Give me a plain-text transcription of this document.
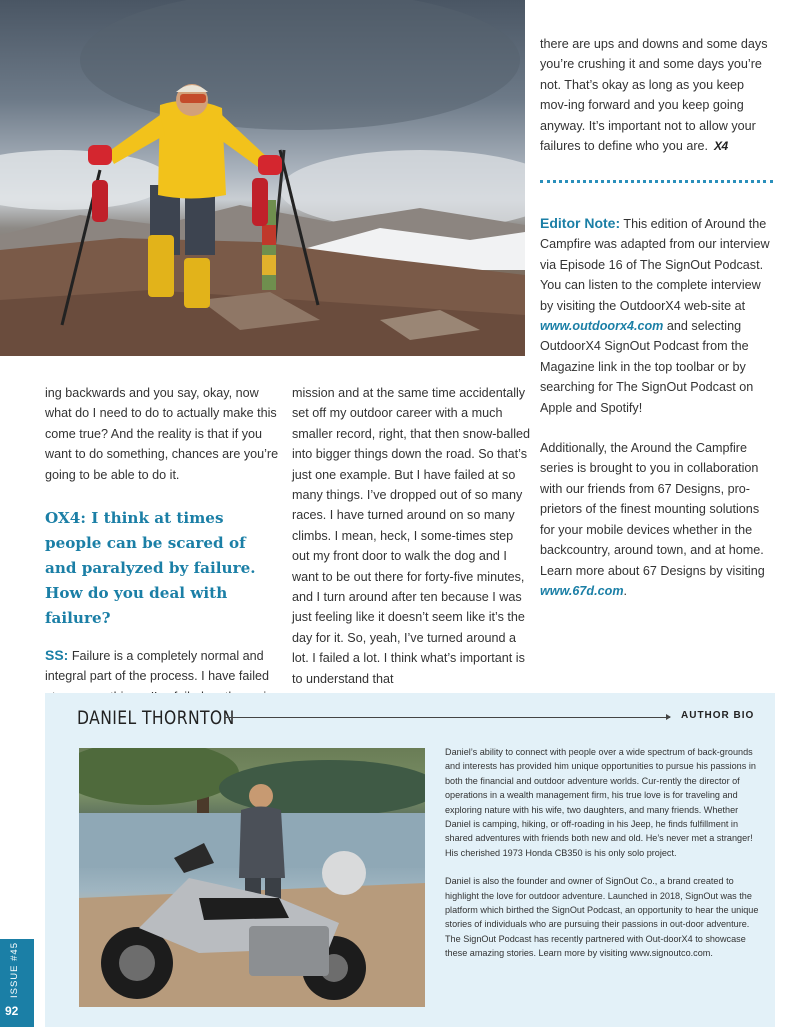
ing backwards and you say, okay, now what do I need to do to actually make this come true? And the reality is that if you want to do something, chances are you’re going to be able to do it.

OX4: I think at times people can be scared of and paralyzed by failure. How do you deal with failure?

SS: Failure is a completely normal and integral part of the process. I have failed

mission and at the same time accidentally set off my outdoor career with a much smaller record, right, that then snow-balled into bigger things down the road. So that’s just one example. But I have failed at so many things. I’ve dropped out of so many races. I have turned around on so many climbs. I mean, heck, I some-times step out my front door to walk the dog and I want to be out there for forty-five minutes, and I turn around after ten because I was just feeling like it doesn’t seem like it’s the day for it. So, yeah, I’ve turned around a lot. I failed a lot. I think what’s important is to understand that

there are ups and downs and some days you’re crushing it and some days you’re not. That’s okay as long as you keep mov-ing forward and you keep going anyway. It’s important not to allow your failures to define who you are. X4

Editor Note: This edition of Around the Campfire was adapted from our interview via Episode 16 of The SignOut Podcast. You can listen to the complete interview by visiting the OutdoorX4 web-site at www.outdoorx4.com and selecting OutdoorX4 SignOut Podcast from the Magazine link in the top toolbar or by searching for The SignOut Podcast on Apple and Spotify!

Additionally, the Around the Campfire series is brought to you in collaboration with our friends from 67 Designs, pro-prietors of the finest mounting solutions for your mobile devices whether in the backcountry, around town, and at home. Learn more about 67 Designs by visiting www.67d.com.

DANIEL THORNTON	AUTHOR BIO

Daniel’s ability to connect with people over a wide spectrum of back-grounds and interests has provided him unique opportunities to pursue his passions in both the financial and outdoor adventure worlds. Cur-rently the director of operations in a wealth management firm, his true love is for traveling and exploring nature with his wife, two daughters, and many friends. Whether Daniel is camping, hiking, or off-roading in his Jeep, he finds fulfillment in shared adventures with friends both new and old. He’s never met a stranger! His cherished 1973 Honda CB350 is his only solo project.

Daniel is also the founder and owner of SignOut Co., a brand created to highlight the love for outdoor adventure. Launched in 2018, SignOut was the platform which birthed the SignOut Podcast, an opportunity to hear the unique stories of individuals who are pursuing their passions in out-door adventure. The SignOut Podcast has recently partnered with Out-doorX4 to showcase these amazing stories. Learn more by visiting www.signoutco.com.

ISSUE #45
92
